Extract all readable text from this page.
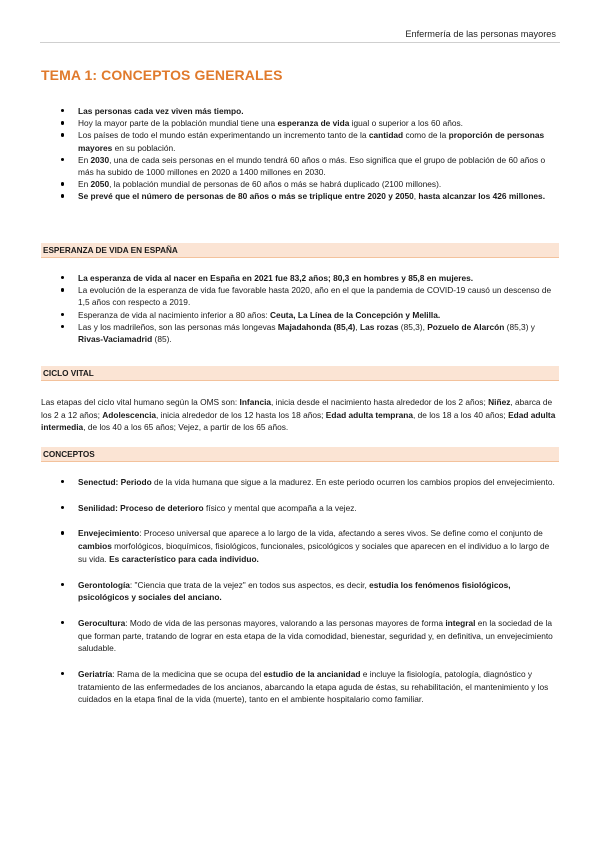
Enfermería de las personas mayores
TEMA 1: CONCEPTOS GENERALES
Las personas cada vez viven más tiempo.
Hoy la mayor parte de la población mundial tiene una esperanza de vida igual o superior a los 60 años.
Los países de todo el mundo están experimentando un incremento tanto de la cantidad como de la proporción de personas mayores en su población.
En 2030, una de cada seis personas en el mundo tendrá 60 años o más. Eso significa que el grupo de población de 60 años o más ha subido de 1000 millones en 2020 a 1400 millones en 2030.
En 2050, la población mundial de personas de 60 años o más se habrá duplicado (2100 millones).
Se prevé que el número de personas de 80 años o más se triplique entre 2020 y 2050, hasta alcanzar los 426 millones.
ESPERANZA DE VIDA EN ESPAÑA
La esperanza de vida al nacer en España en 2021 fue 83,2 años; 80,3 en hombres y 85,8 en mujeres.
La evolución de la esperanza de vida fue favorable hasta 2020, año en el que la pandemia de COVID-19 causó un descenso de 1,5 años con respecto a 2019.
Esperanza de vida al nacimiento inferior a 80 años: Ceuta, La Línea de la Concepción y Melilla.
Las y los madrileños, son las personas más longevas Majadahonda (85,4), Las rozas (85,3), Pozuelo de Alarcón (85,3) y Rivas-Vaciamadrid (85).
CICLO VITAL

Las etapas del ciclo vital humano según la OMS son: Infancia, inicia desde el nacimiento hasta alrededor de los 2 años; Niñez, abarca de los 2 a 12 años; Adolescencia, inicia alrededor de los 12 hasta los 18 años; Edad adulta temprana, de los 18 a los 40 años; Edad adulta intermedia, de los 40 a los 65 años; Vejez, a partir de los 65 años.

CONCEPTOS
Senectud: Periodo de la vida humana que sigue a la madurez. En este periodo ocurren los cambios propios del envejecimiento.
Senilidad: Proceso de deterioro físico y mental que acompaña a la vejez.
Envejecimiento: Proceso universal que aparece a lo largo de la vida, afectando a seres vivos. Se define como el conjunto de cambios morfológicos, bioquímicos, fisiológicos, funcionales, psicológicos y sociales que aparecen en el individuo a lo largo de su vida. Es característico para cada individuo.
Gerontología: "Ciencia que trata de la vejez" en todos sus aspectos, es decir, estudia los fenómenos fisiológicos, psicológicos y sociales del anciano.
Gerocultura: Modo de vida de las personas mayores, valorando a las personas mayores de forma integral en la sociedad de la que forman parte, tratando de lograr en esta etapa de la vida comodidad, bienestar, seguridad y, en definitiva, un envejecimiento saludable.
Geriatría: Rama de la medicina que se ocupa del estudio de la ancianidad e incluye la fisiología, patología, diagnóstico y tratamiento de las enfermedades de los ancianos, abarcando la etapa aguda de éstas, su rehabilitación, el mantenimiento y los cuidados en la etapa final de la vida (muerte), tanto en el ambiente hospitalario como familiar.
